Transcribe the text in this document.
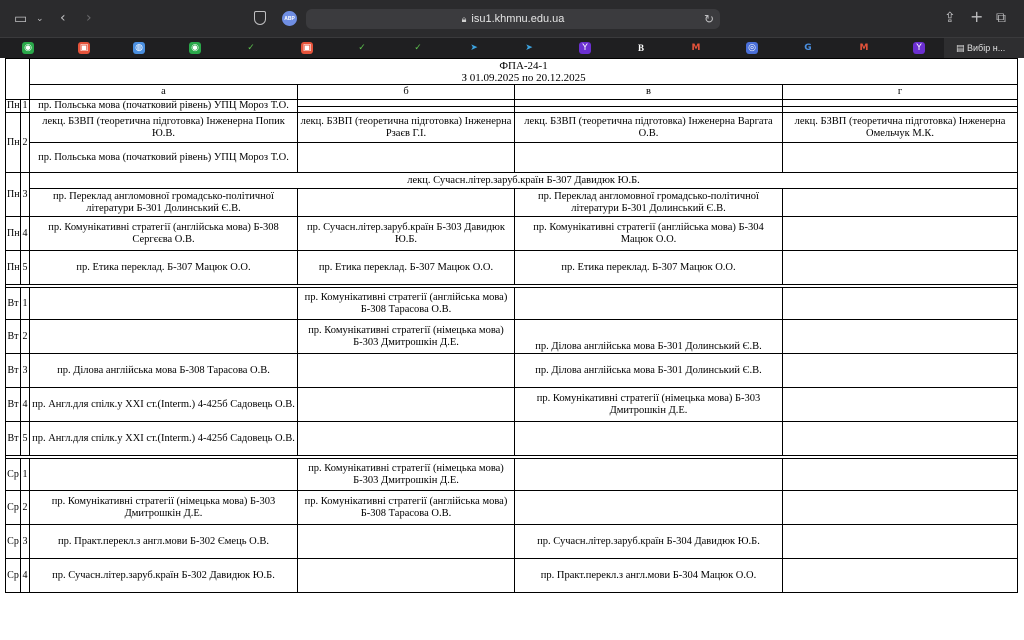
▭ ⌄ ‹ ›	ABP	🔒︎ isu1.khmnu.edu.ua	↻	⇪ + ⧉
◉	▣	◍	◉	✓	▣	✓	✓	➤	➤	Y	B	M	◎	G	M	Y	▤ Вибір н...

		ФПА-24-1
З 01.09.2025 по 20.12.2025			

		а	б	в	г
Пн	1	пр. Польська мова (початковий рівень) УПЦ Мороз Т.О.			

Пн	2	лекц. БЗВП (теоретична підготовка) Інженерна Попик Ю.В.	лекц. БЗВП (теоретична підготовка) Інженерна Рзаєв Г.І.	лекц. БЗВП (теоретична підготовка) Інженерна Варгата О.В.	лекц. БЗВП (теоретична підготовка) Інженерна Омельчук М.К.
		пр. Польська мова (початковий рівень) УПЦ Мороз Т.О.			
Пн	3	лекц. Сучасн.літер.заруб.країн Б-307 Давидюк Ю.Б.			
		пр. Переклад англомовної громадсько-політичної літератури Б-301 Долинський Є.В.		пр. Переклад англомовної громадсько-політичної літератури Б-301 Долинський Є.В.	
Пн	4	пр. Комунікативні стратегії (англійська мова) Б-308 Сергєєва О.В.	пр. Сучасн.літер.заруб.країн Б-303 Давидюк Ю.Б.	пр. Комунікативні стратегії (англійська мова) Б-304 Мацюк О.О.	
Пн	5	пр. Етика переклад. Б-307 Мацюк О.О.	пр. Етика переклад. Б-307 Мацюк О.О.	пр. Етика переклад. Б-307 Мацюк О.О.	

Вт	1		пр. Комунікативні стратегії (англійська мова) Б-308 Тарасова О.В.		
Вт	2		пр. Комунікативні стратегії (німецька мова) Б-303 Дмитрошкін Д.Е.	пр. Ділова англійська мова Б-301 Долинський Є.В.	
Вт	3	пр. Ділова англійська мова Б-308 Тарасова О.В.		пр. Ділова англійська мова Б-301 Долинський Є.В.	
Вт	4	пр. Англ.для спілк.у XXI ст.(Interm.) 4-425б Садовець О.В.		пр. Комунікативні стратегії (німецька мова) Б-303 Дмитрошкін Д.Е.	
Вт	5	пр. Англ.для спілк.у XXI ст.(Interm.) 4-425б Садовець О.В.			

Ср	1		пр. Комунікативні стратегії (німецька мова) Б-303 Дмитрошкін Д.Е.		
Ср	2	пр. Комунікативні стратегії (німецька мова) Б-303 Дмитрошкін Д.Е.	пр. Комунікативні стратегії (англійська мова) Б-308 Тарасова О.В.		
Ср	3	пр. Практ.перекл.з англ.мови Б-302 Ємець О.В.		пр. Сучасн.літер.заруб.країн Б-304 Давидюк Ю.Б.	
Ср	4	пр. Сучасн.літер.заруб.країн Б-302 Давидюк Ю.Б.		пр. Практ.перекл.з англ.мови Б-304 Мацюк О.О.	
